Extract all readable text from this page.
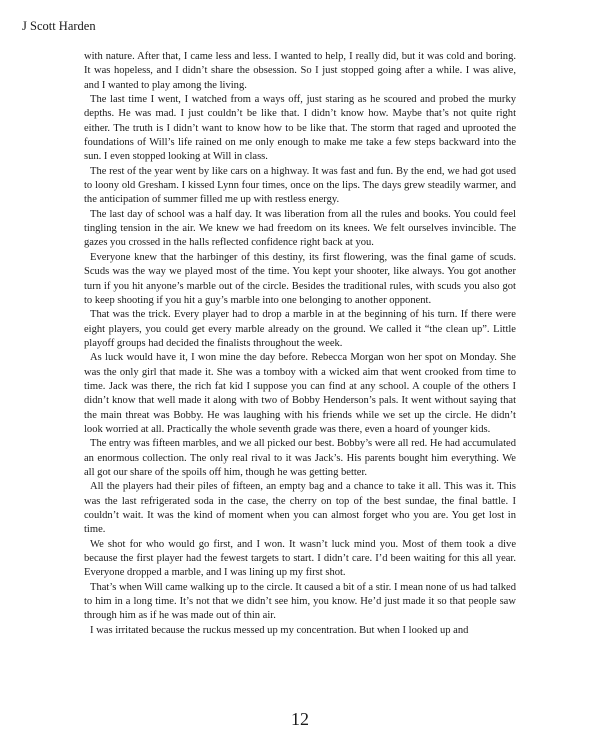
J Scott Harden

with nature. After that, I came less and less. I wanted to help, I really did, but it was cold and boring. It was hopeless, and I didn’t share the obsession. So I just stopped going after a while. I was alive, and I wanted to play among the living.

The last time I went, I watched from a ways off, just staring as he scoured and probed the murky depths. He was mad. I just couldn’t be like that. I didn’t know how. Maybe that’s not quite right either. The truth is I didn’t want to know how to be like that. The storm that raged and uprooted the foundations of Will’s life rained on me only enough to make me take a few steps backward into the sun. I even stopped looking at Will in class.

The rest of the year went by like cars on a highway. It was fast and fun. By the end, we had got used to loony old Gresham. I kissed Lynn four times, once on the lips. The days grew steadily warmer, and the anticipation of summer filled me up with restless energy.

The last day of school was a half day. It was liberation from all the rules and books. You could feel tingling tension in the air. We knew we had freedom on its knees. We felt ourselves invincible. The gazes you crossed in the halls reflected confidence right back at you.

Everyone knew that the harbinger of this destiny, its first flowering, was the final game of scuds. Scuds was the way we played most of the time. You kept your shooter, like always. You got another turn if you hit anyone’s marble out of the circle. Besides the traditional rules, with scuds you also got to keep shooting if you hit a guy’s marble into one belonging to another opponent.

That was the trick. Every player had to drop a marble in at the beginning of his turn. If there were eight players, you could get every marble already on the ground. We called it “the clean up”. Little playoff groups had decided the finalists throughout the week.

As luck would have it, I won mine the day before. Rebecca Morgan won her spot on Monday. She was the only girl that made it. She was a tomboy with a wicked aim that went crooked from time to time. Jack was there, the rich fat kid I suppose you can find at any school. A couple of the others I didn’t know that well made it along with two of Bobby Henderson’s pals. It went without saying that the main threat was Bobby. He was laughing with his friends while we set up the circle. He didn’t look worried at all. Practically the whole seventh grade was there, even a hoard of younger kids.

The entry was fifteen marbles, and we all picked our best. Bobby’s were all red. He had accumulated an enormous collection. The only real rival to it was Jack’s. His parents bought him everything. We all got our share of the spoils off him, though he was getting better.

All the players had their piles of fifteen, an empty bag and a chance to take it all. This was it. This was the last refrigerated soda in the case, the cherry on top of the best sundae, the final battle. I couldn’t wait. It was the kind of moment when you can almost forget who you are. You get lost in time.

We shot for who would go first, and I won. It wasn’t luck mind you. Most of them took a dive because the first player had the fewest targets to start. I didn’t care. I’d been waiting for this all year. Everyone dropped a marble, and I was lining up my first shot.

That’s when Will came walking up to the circle. It caused a bit of a stir. I mean none of us had talked to him in a long time. It’s not that we didn’t see him, you know. He’d just made it so that people saw through him as if he was made out of thin air.

I was irritated because the ruckus messed up my concentration. But when I looked up and

12
